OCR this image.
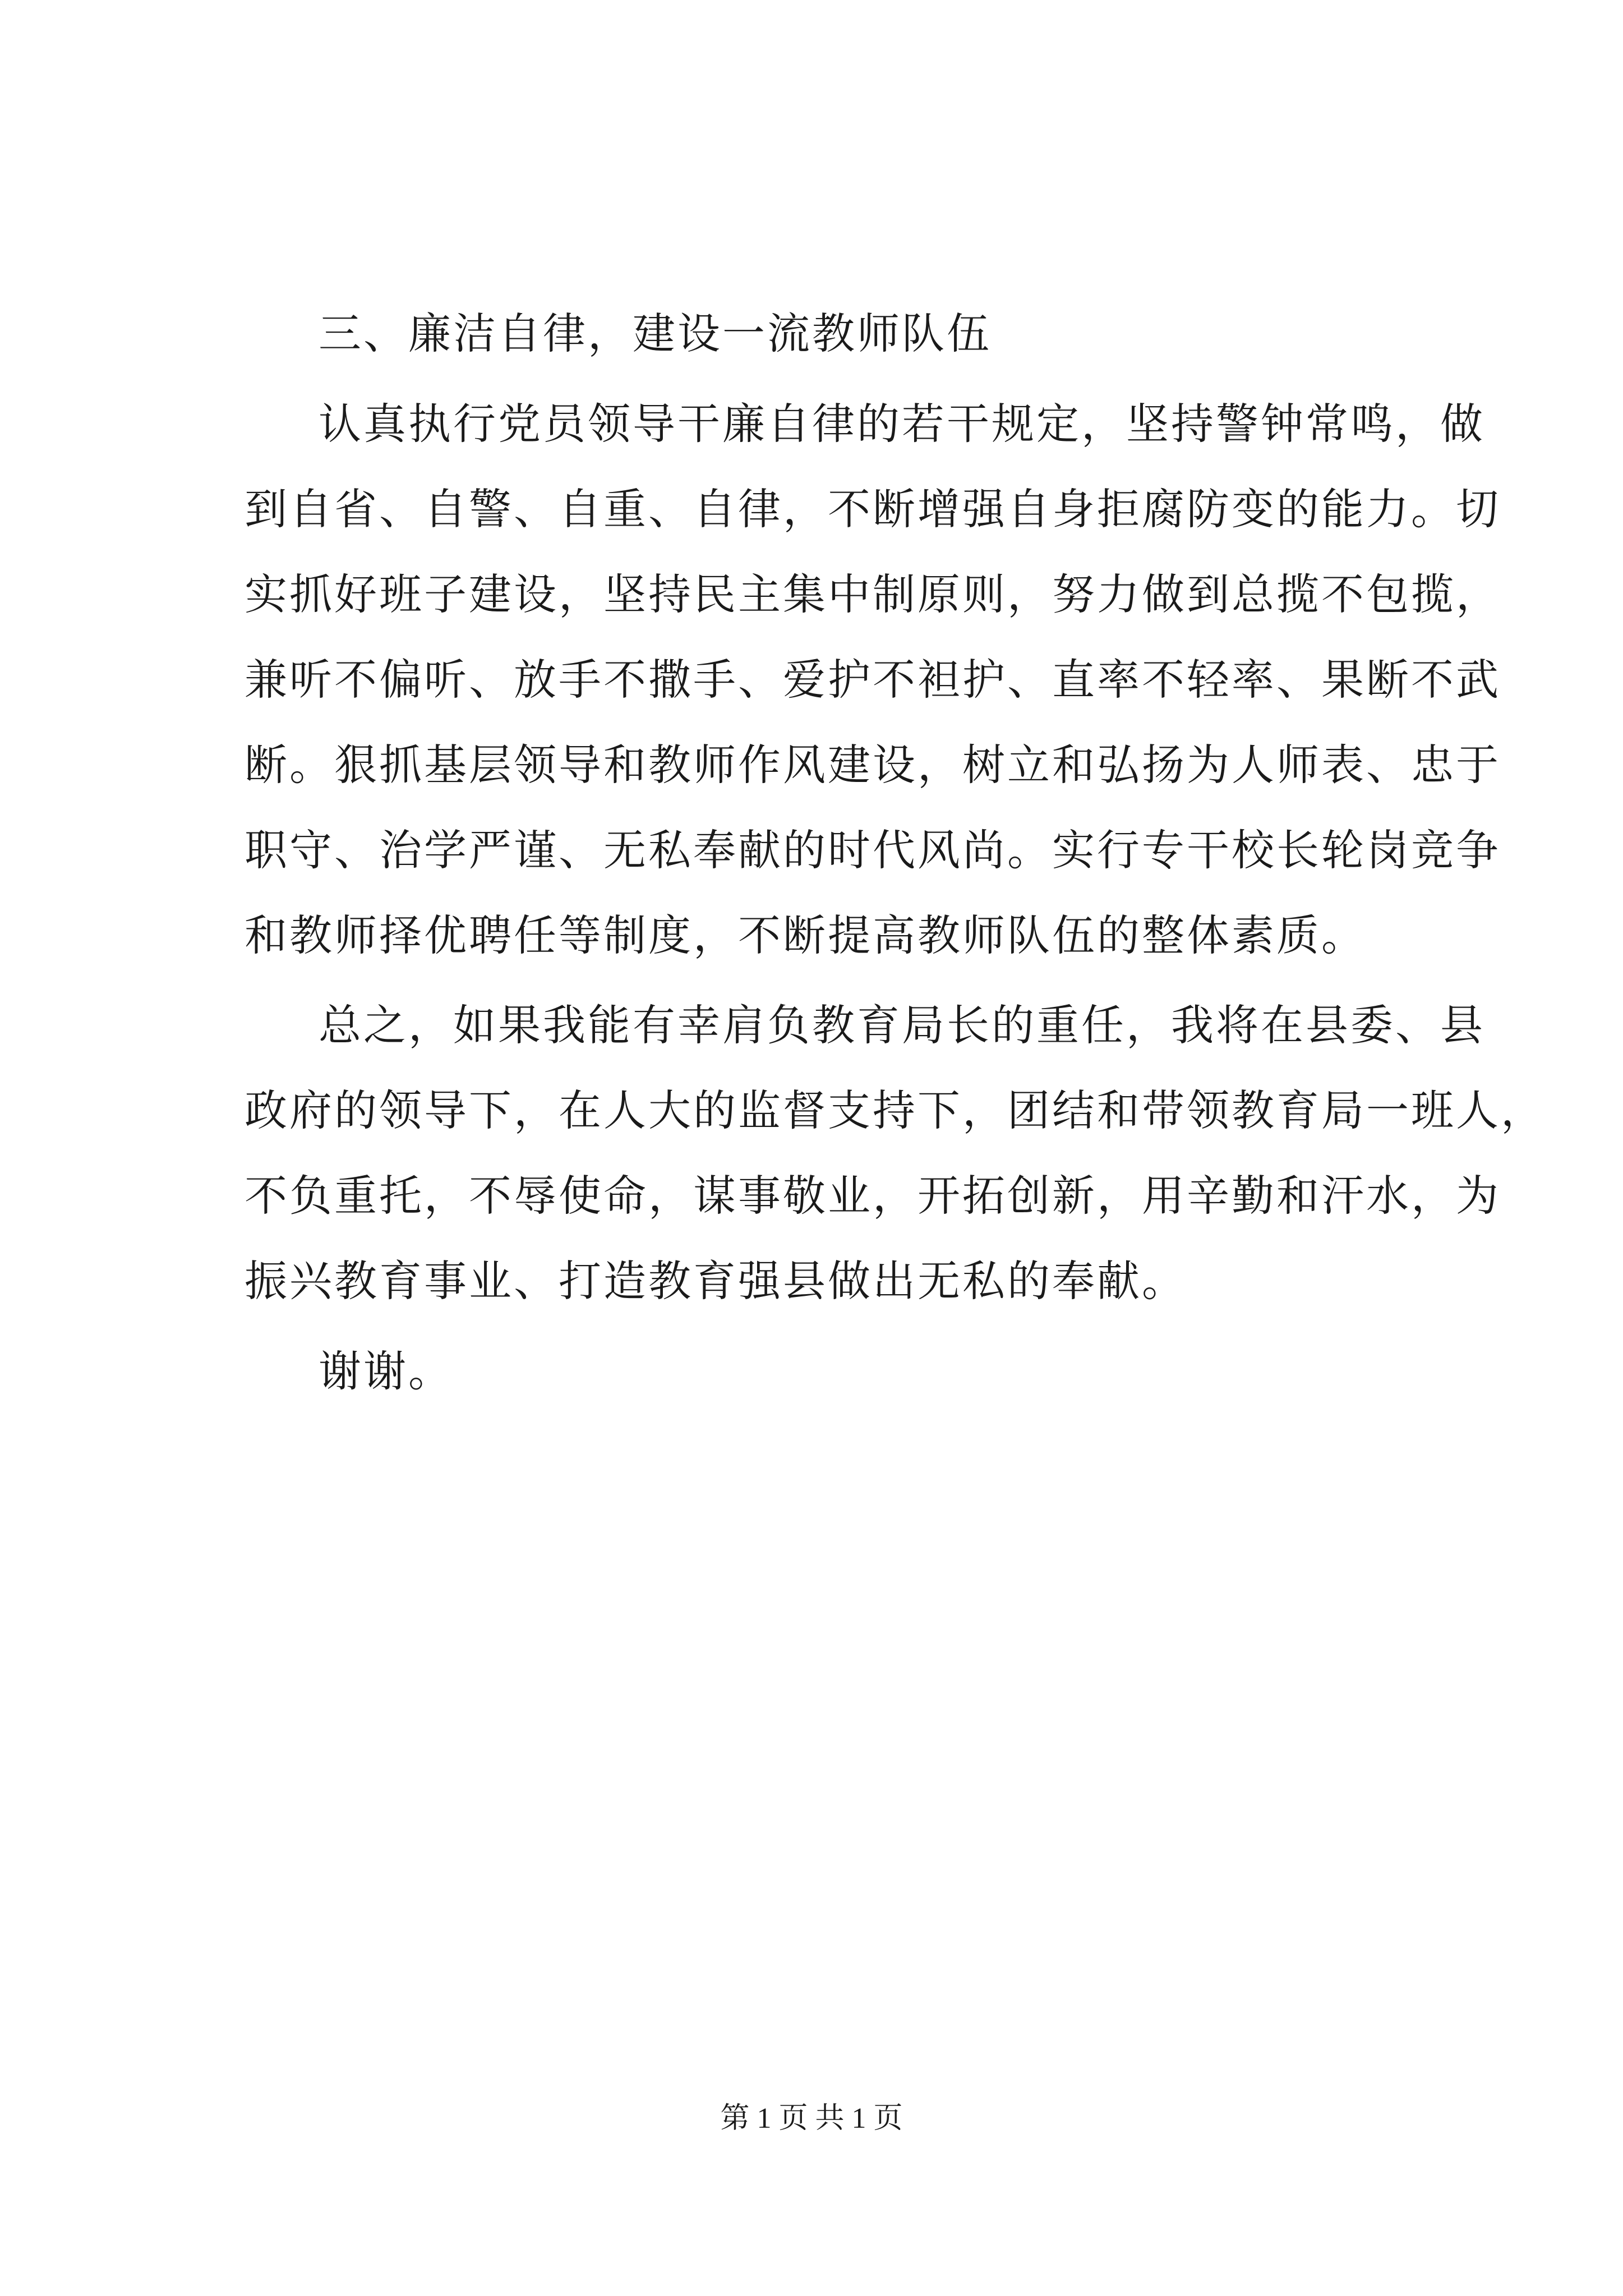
三、廉洁自律，建设一流教师队伍
认真执行党员领导干廉自律的若干规定，坚持警钟常鸣，做
到自省、自警、自重、自律，不断增强自身拒腐防变的能力。切
实抓好班子建设，坚持民主集中制原则，努力做到总揽不包揽，
兼听不偏听、放手不撒手、爱护不袒护、直率不轻率、果断不武
断。狠抓基层领导和教师作风建设，树立和弘扬为人师表、忠于
职守、治学严谨、无私奉献的时代风尚。实行专干校长轮岗竞争
和教师择优聘任等制度，不断提高教师队伍的整体素质。
总之，如果我能有幸肩负教育局长的重任，我将在县委、县
政府的领导下，在人大的监督支持下，团结和带领教育局一班人，
不负重托，不辱使命，谋事敬业，开拓创新，用辛勤和汗水，为
振兴教育事业、打造教育强县做出无私的奉献。
谢谢。
第 1 页 共 1 页
